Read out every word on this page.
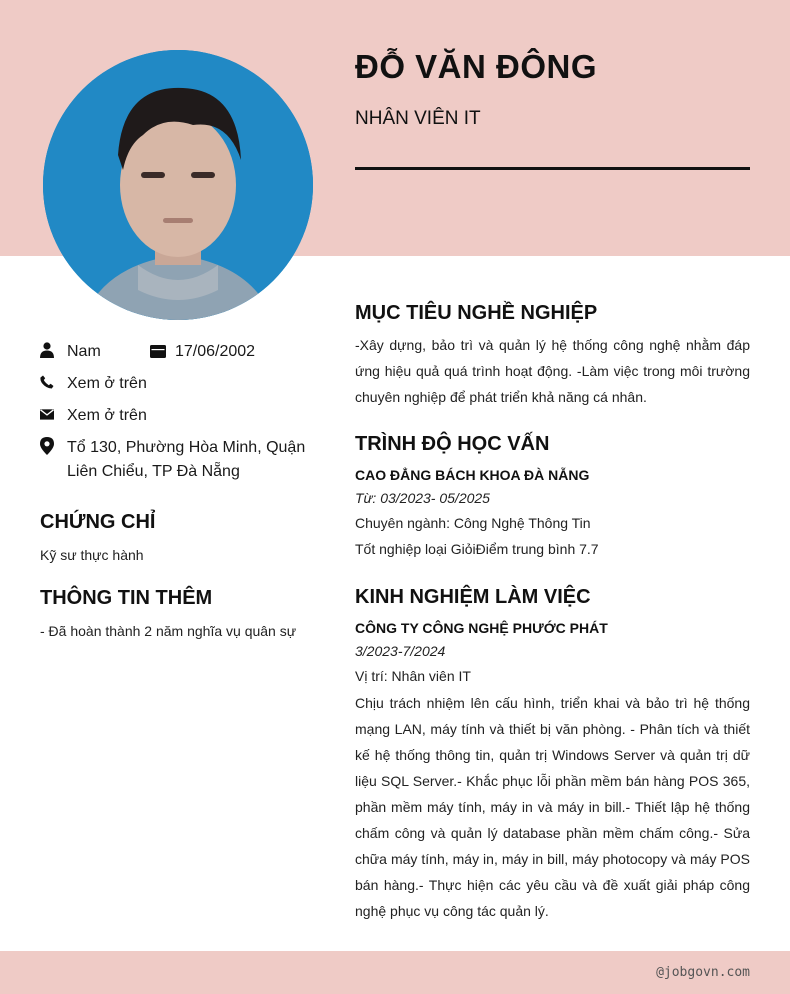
ĐỖ VĂN ĐÔNG
NHÂN VIÊN IT
Nam	17/06/2002
Xem ở trên
Xem ở trên
Tổ 130, Phường Hòa Minh, Quận Liên Chiểu, TP Đà Nẵng
CHỨNG CHỈ
Kỹ sư thực hành
THÔNG TIN THÊM
- Đã hoàn thành 2 năm nghĩa vụ quân sự
MỤC TIÊU NGHỀ NGHIỆP
-Xây dựng, bảo trì và quản lý hệ thống công nghệ nhằm đáp ứng hiệu quả quá trình hoạt động. -Làm việc trong môi trường chuyên nghiệp để phát triển khả năng cá nhân.
TRÌNH ĐỘ HỌC VẤN
CAO ĐẲNG BÁCH KHOA ĐÀ NẴNG
Từ: 03/2023- 05/2025
Chuyên ngành: Công Nghệ Thông Tin
Tốt nghiệp loại GiỏiĐiểm trung bình 7.7
KINH NGHIỆM LÀM VIỆC
CÔNG TY CÔNG NGHỆ PHƯỚC PHÁT
3/2023-7/2024
Vị trí: Nhân viên IT
Chịu trách nhiệm lên cấu hình, triển khai và bảo trì hệ thống mạng LAN, máy tính và thiết bị văn phòng. - Phân tích và thiết kế hệ thống thông tin, quản trị Windows Server và quản trị dữ liệu SQL Server.- Khắc phục lỗi phần mềm bán hàng POS 365, phần mềm máy tính, máy in và máy in bill.- Thiết lập hệ thống chấm công và quản lý database phần mềm chấm công.- Sửa chữa máy tính, máy in, máy in bill, máy photocopy và máy POS bán hàng.- Thực hiện các yêu cầu và đề xuất giải pháp công nghệ phục vụ công tác quản lý.
@jobgovn.com
